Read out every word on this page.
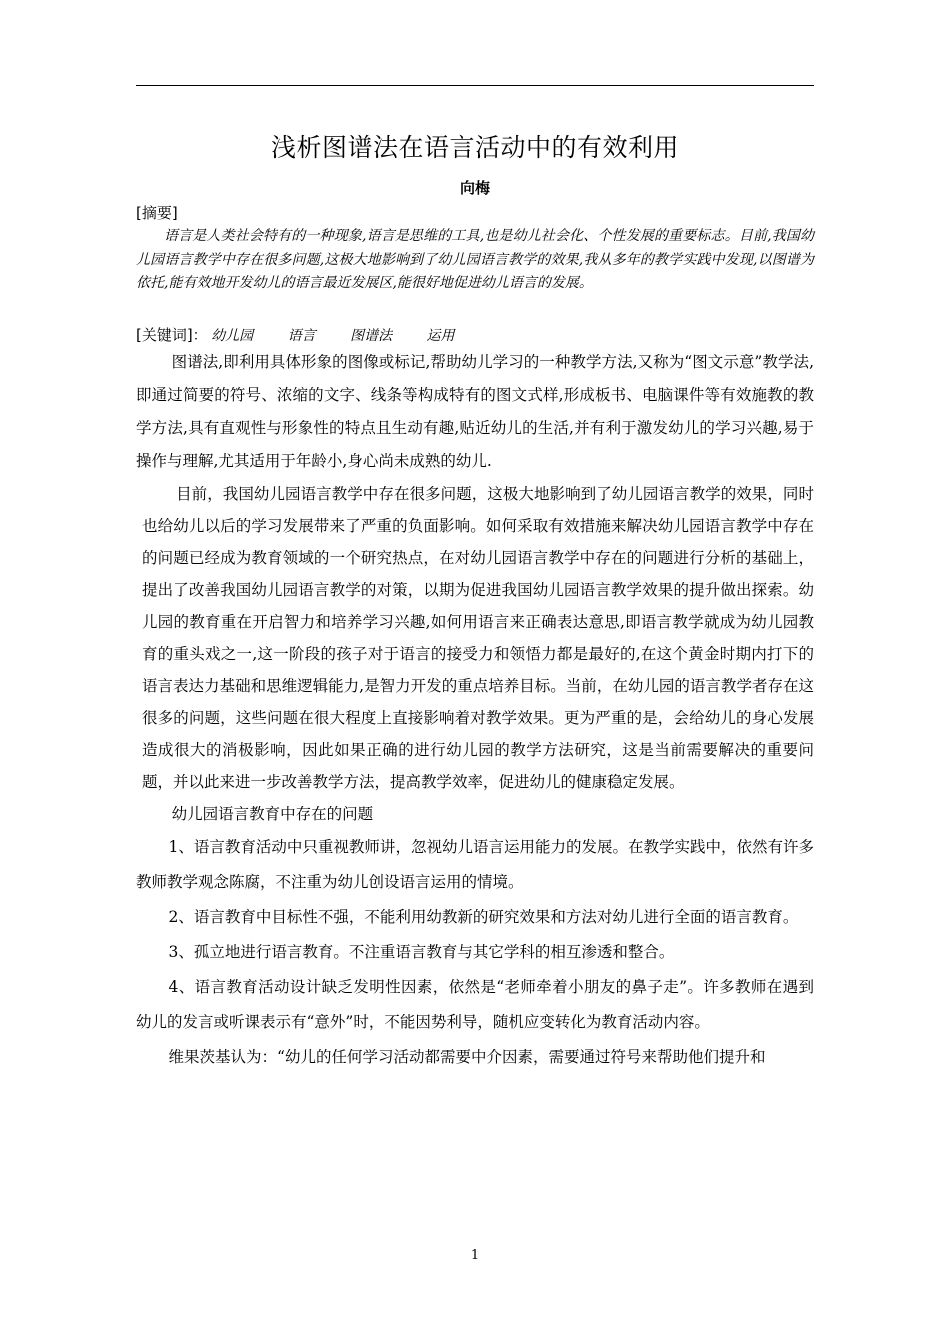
浅析图谱法在语言活动中的有效利用
向梅
[摘要]
语言是人类社会特有的一种现象,语言是思维的工具,也是幼儿社会化、个性发展的重要标志。目前,我国幼儿园语言教学中存在很多问题,这极大地影响到了幼儿园语言教学的效果,我从多年的教学实践中发现,以图谱为依托,能有效地开发幼儿的语言最近发展区,能很好地促进幼儿语言的发展。
[关键词]： 幼儿园 语言 图谱法 运用

图谱法,即利用具体形象的图像或标记,帮助幼儿学习的一种教学方法,又称为“图文示意”教学法,即通过简要的符号、浓缩的文字、线条等构成特有的图文式样,形成板书、电脑课件等有效施教的教学方法,具有直观性与形象性的特点且生动有趣,贴近幼儿的生活,并有利于激发幼儿的学习兴趣,易于操作与理解,尤其适用于年龄小,身心尚未成熟的幼儿.

目前，我国幼儿园语言教学中存在很多问题，这极大地影响到了幼儿园语言教学的效果，同时也给幼儿以后的学习发展带来了严重的负面影响。如何采取有效措施来解决幼儿园语言教学中存在的问题已经成为教育领域的一个研究热点，在对幼儿园语言教学中存在的问题进行分析的基础上，提出了改善我国幼儿园语言教学的对策，以期为促进我国幼儿园语言教学效果的提升做出探索。幼儿园的教育重在开启智力和培养学习兴趣,如何用语言来正确表达意思,即语言教学就成为幼儿园教育的重头戏之一,这一阶段的孩子对于语言的接受力和领悟力都是最好的,在这个黄金时期内打下的语言表达力基础和思维逻辑能力,是智力开发的重点培养目标。当前，在幼儿园的语言教学者存在这很多的问题，这些问题在很大程度上直接影响着对教学效果。更为严重的是，会给幼儿的身心发展造成很大的消极影响，因此如果正确的进行幼儿园的教学方法研究，这是当前需要解决的重要问题，并以此来进一步改善教学方法，提高教学效率，促进幼儿的健康稳定发展。

幼儿园语言教育中存在的问题

1、语言教育活动中只重视教师讲，忽视幼儿语言运用能力的发展。在教学实践中，依然有许多教师教学观念陈腐，不注重为幼儿创设语言运用的情境。

2、语言教育中目标性不强，不能利用幼教新的研究效果和方法对幼儿进行全面的语言教育。

3、孤立地进行语言教育。不注重语言教育与其它学科的相互渗透和整合。

4、语言教育活动设计缺乏发明性因素，依然是“老师牵着小朋友的鼻子走”。许多教师在遇到幼儿的发言或听课表示有“意外”时，不能因势利导，随机应变转化为教育活动内容。

维果茨基认为：“幼儿的任何学习活动都需要中介因素，需要通过符号来帮助他们提升和

1
